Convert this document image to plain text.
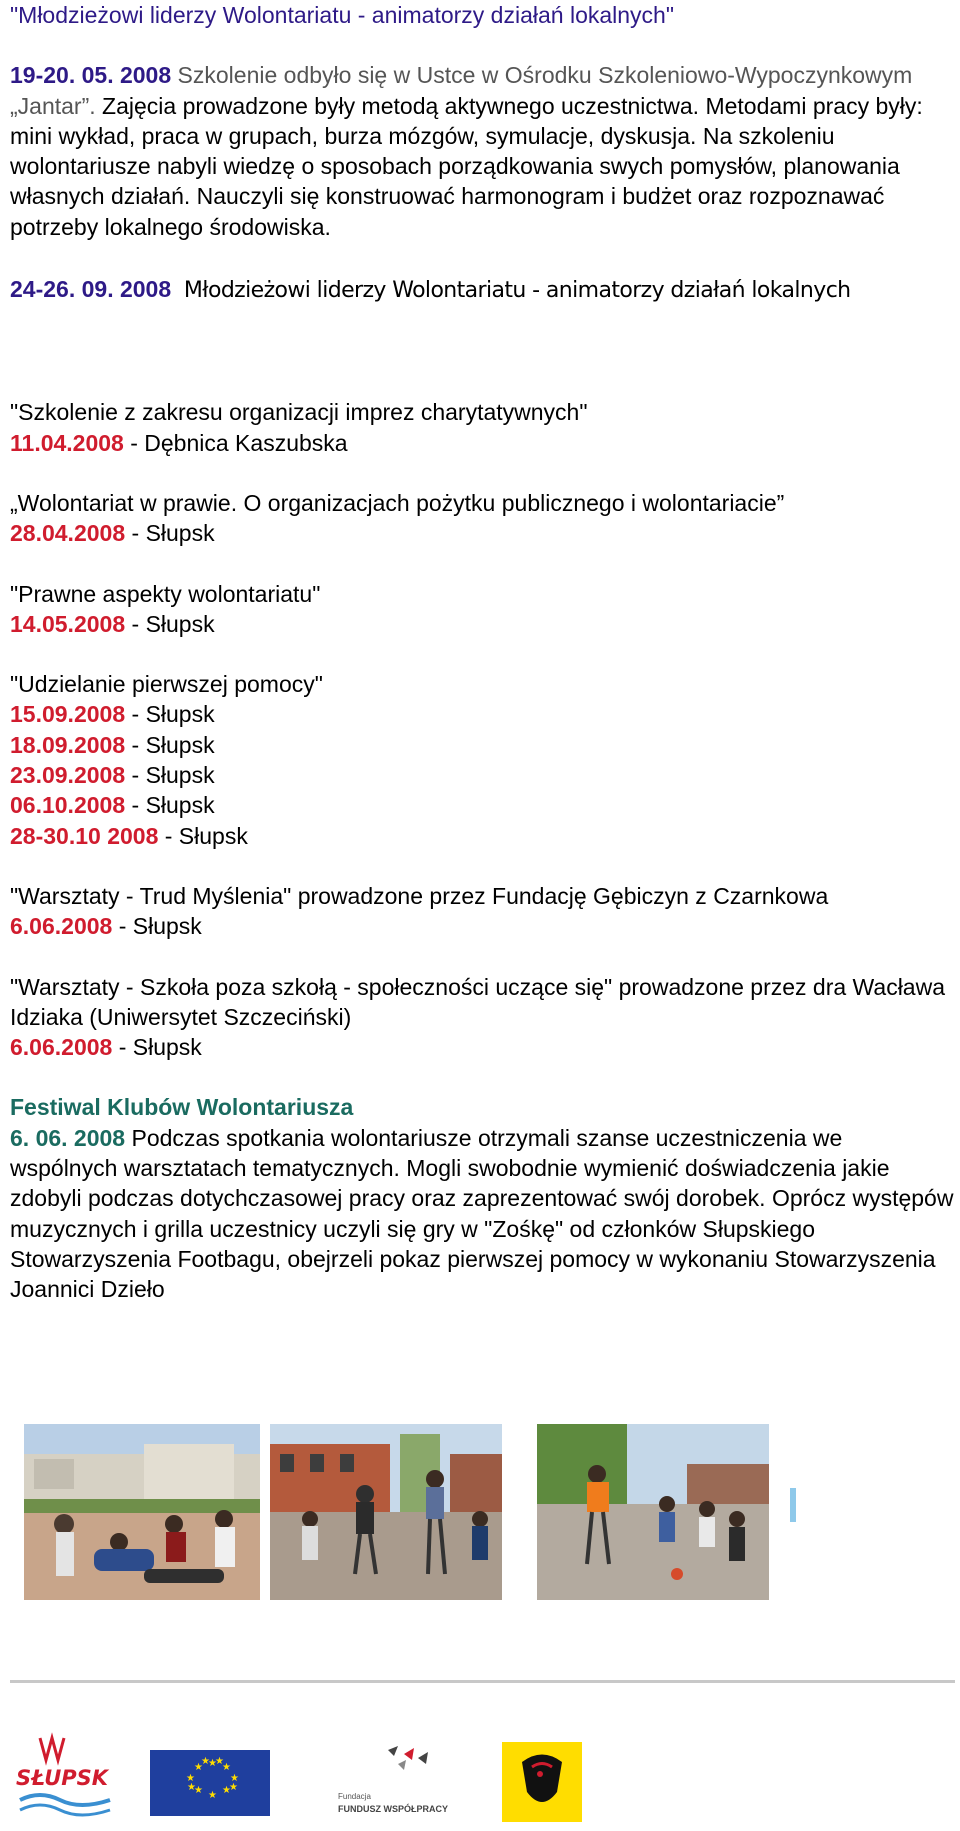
"Młodzieżowi liderzy Wolontariatu - animatorzy działań lokalnych"

19-20. 05. 2008 Szkolenie odbyło się w Ustce w Ośrodku Szkoleniowo-Wypoczynkowym „Jantar”. Zajęcia prowadzone były metodą aktywnego uczestnictwa. Metodami pracy były: mini wykład, praca w grupach, burza mózgów, symulacje, dyskusja. Na szkoleniu wolontariusze nabyli wiedzę o sposobach porządkowania swych pomysłów, planowania własnych działań. Nauczyli się konstruować harmonogram i budżet oraz rozpoznawać potrzeby lokalnego środowiska.

24-26. 09. 2008 Młodzieżowi liderzy Wolontariatu - animatorzy działań lokalnych

"Szkolenie z zakresu organizacji imprez charytatywnych"

11.04.2008 - Dębnica Kaszubska

„Wolontariat w prawie. O organizacjach pożytku publicznego i wolontariacie”

28.04.2008 - Słupsk

"Prawne aspekty wolontariatu"

14.05.2008 - Słupsk

"Udzielanie pierwszej pomocy"

15.09.2008 - Słupsk

18.09.2008 - Słupsk

23.09.2008 - Słupsk

06.10.2008 - Słupsk

28-30.10 2008 - Słupsk

"Warsztaty - Trud Myślenia" prowadzone przez Fundację Gębiczyn z Czarnkowa

6.06.2008 - Słupsk

"Warsztaty - Szkoła poza szkołą - społeczności uczące się" prowadzone przez dra Wacława Idziaka (Uniwersytet Szczeciński)

6.06.2008 - Słupsk

Festiwal Klubów Wolontariusza

6. 06. 2008 Podczas spotkania wolontariusze otrzymali szanse uczestniczenia we wspólnych warsztatach tematycznych. Mogli swobodnie wymienić doświadczenia jakie zdobyli podczas dotychczasowej pracy oraz zaprezentować swój dorobek. Oprócz występów muzycznych i grilla uczestnicy uczyli się gry w "Zośkę" od członków Słupskiego Stowarzyszenia Footbagu, obejrzeli pokaz pierwszej pomocy w wykonaniu Stowarzyszenia Joannici Dzieło

SŁUPSK
★ ★
★
★
★
★
★
★
★
★
★
★
Fundacja
FUNDUSZ WSPÓŁPRACY
